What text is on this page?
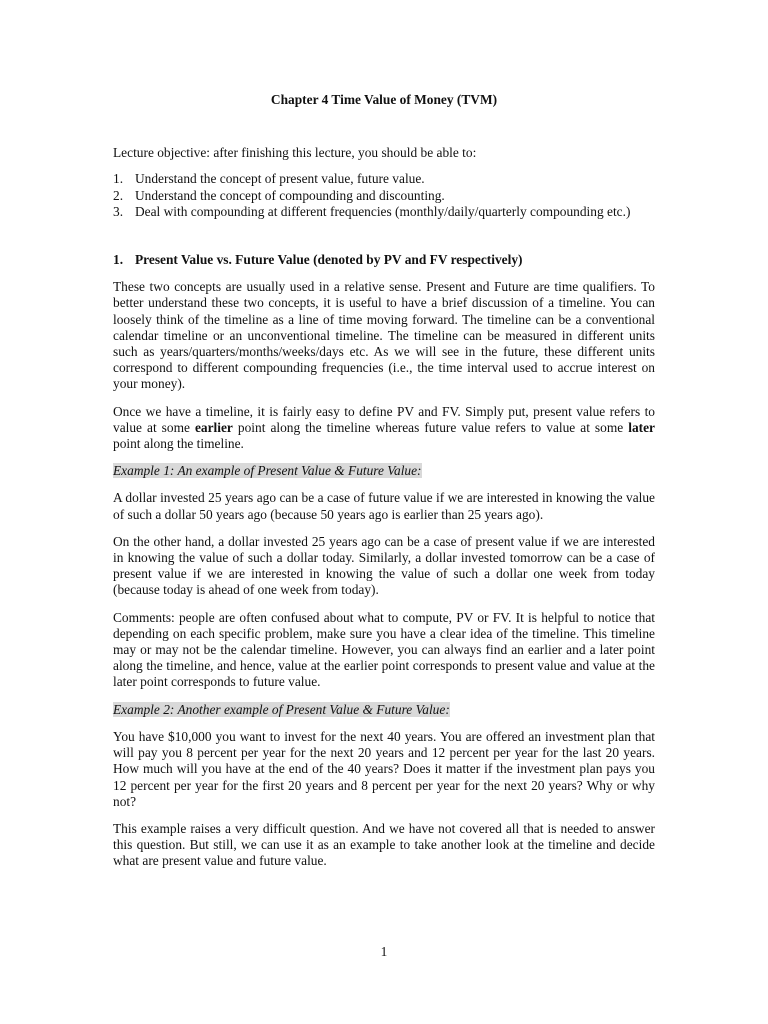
Chapter 4 Time Value of Money (TVM)
Lecture objective: after finishing this lecture, you should be able to:
1. Understand the concept of present value, future value.
2. Understand the concept of compounding and discounting.
3. Deal with compounding at different frequencies (monthly/daily/quarterly compounding etc.)
1. Present Value vs. Future Value (denoted by PV and FV respectively)

These two concepts are usually used in a relative sense. Present and Future are time qualifiers. To better understand these two concepts, it is useful to have a brief discussion of a timeline. You can loosely think of the timeline as a line of time moving forward. The timeline can be a conventional calendar timeline or an unconventional timeline. The timeline can be measured in different units such as years/quarters/months/weeks/days etc. As we will see in the future, these different units correspond to different compounding frequencies (i.e., the time interval used to accrue interest on your money).

Once we have a timeline, it is fairly easy to define PV and FV. Simply put, present value refers to value at some earlier point along the timeline whereas future value refers to value at some later point along the timeline.

Example 1: An example of Present Value & Future Value:

A dollar invested 25 years ago can be a case of future value if we are interested in knowing the value of such a dollar 50 years ago (because 50 years ago is earlier than 25 years ago).

On the other hand, a dollar invested 25 years ago can be a case of present value if we are interested in knowing the value of such a dollar today. Similarly, a dollar invested tomorrow can be a case of present value if we are interested in knowing the value of such a dollar one week from today (because today is ahead of one week from today).

Comments: people are often confused about what to compute, PV or FV. It is helpful to notice that depending on each specific problem, make sure you have a clear idea of the timeline. This timeline may or may not be the calendar timeline. However, you can always find an earlier and a later point along the timeline, and hence, value at the earlier point corresponds to present value and value at the later point corresponds to future value.

Example 2: Another example of Present Value & Future Value:

You have $10,000 you want to invest for the next 40 years. You are offered an investment plan that will pay you 8 percent per year for the next 20 years and 12 percent per year for the last 20 years. How much will you have at the end of the 40 years? Does it matter if the investment plan pays you 12 percent per year for the first 20 years and 8 percent per year for the next 20 years? Why or why not?

This example raises a very difficult question. And we have not covered all that is needed to answer this question. But still, we can use it as an example to take another look at the timeline and decide what are present value and future value.

1
